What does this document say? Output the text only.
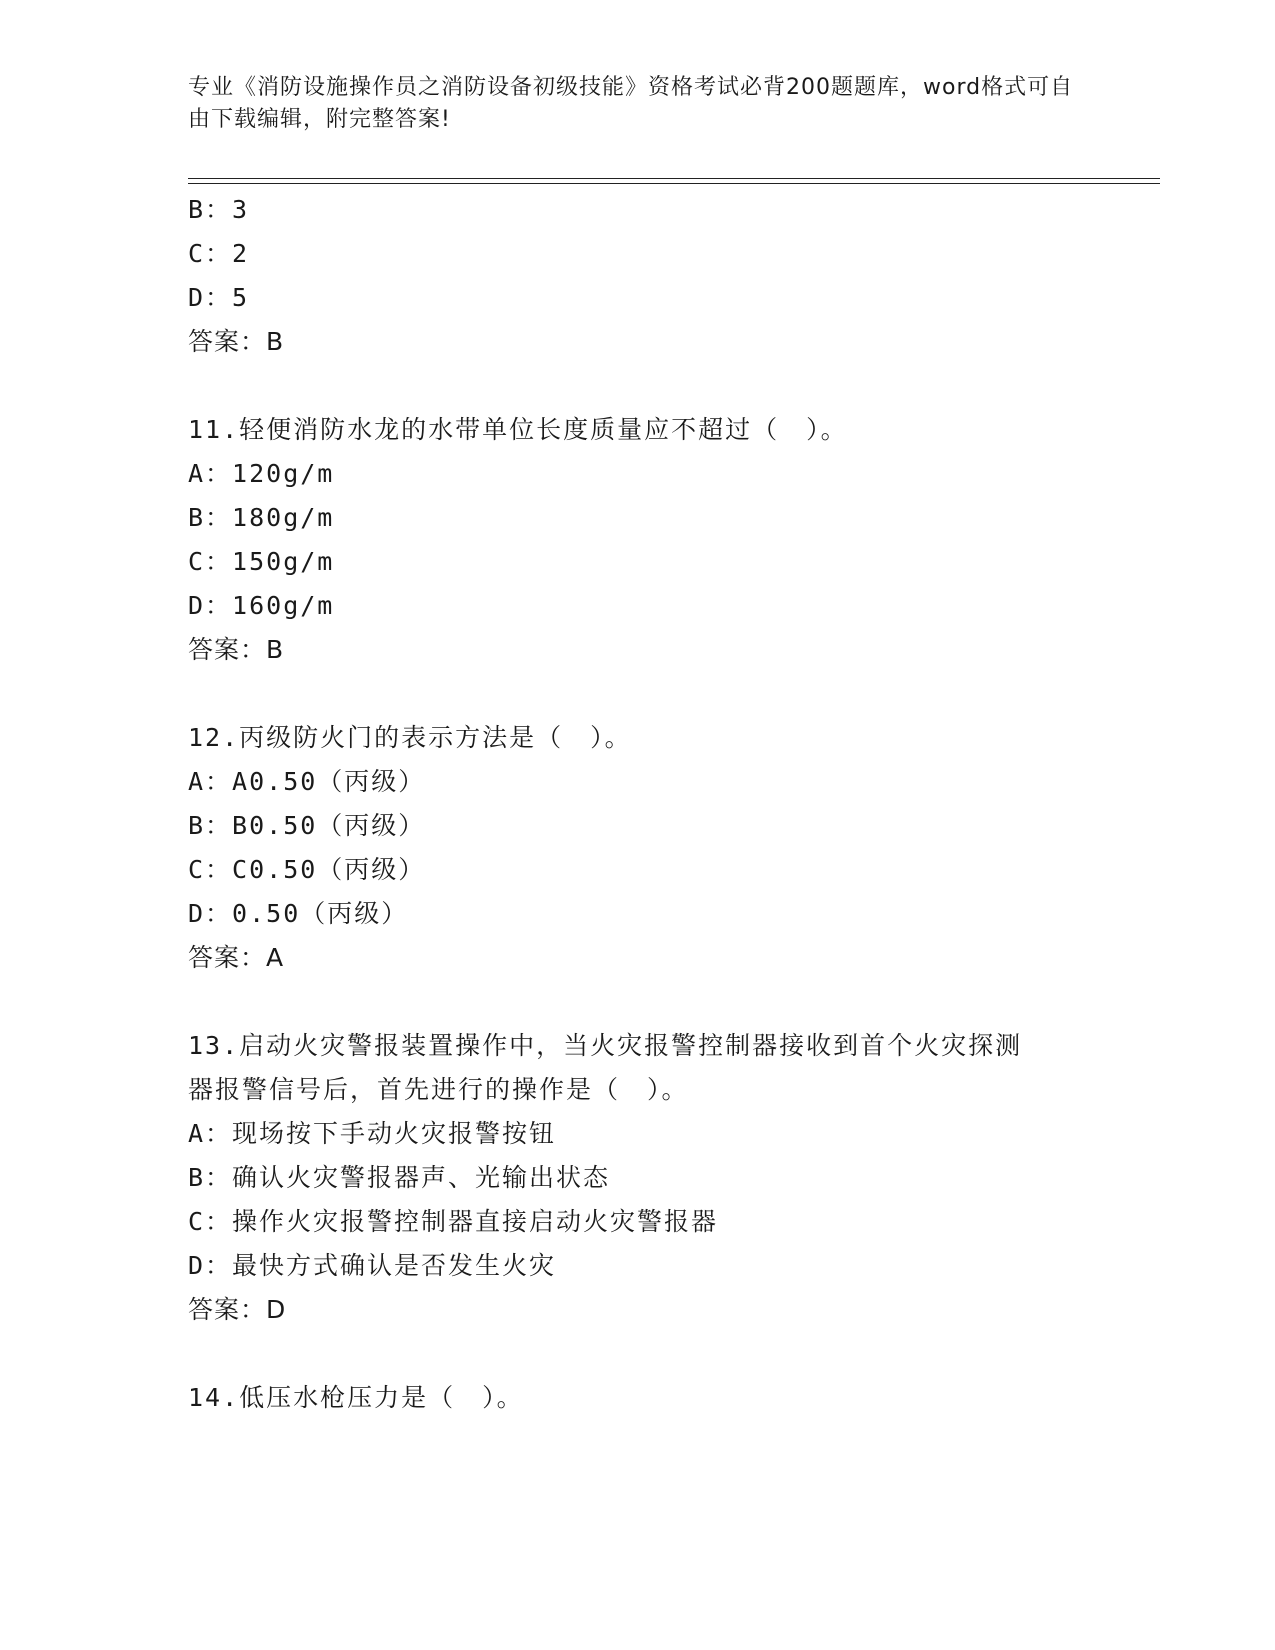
专业《消防设施操作员之消防设备初级技能》资格考试必背200题题库，word格式可自由下载编辑，附完整答案!
B：3
C：2
D：5
答案：B
11.轻便消防水龙的水带单位长度质量应不超过（　）。
A：120g/m
B：180g/m
C：150g/m
D：160g/m
答案：B
12.丙级防火门的表示方法是（　）。
A：A0.50（丙级）
B：B0.50（丙级）
C：C0.50（丙级）
D：0.50（丙级）
答案：A
13.启动火灾警报装置操作中，当火灾报警控制器接收到首个火灾探测
器报警信号后，首先进行的操作是（　）。
A：现场按下手动火灾报警按钮
B：确认火灾警报器声、光输出状态
C：操作火灾报警控制器直接启动火灾警报器
D：最快方式确认是否发生火灾
答案：D
14.低压水枪压力是（　）。
